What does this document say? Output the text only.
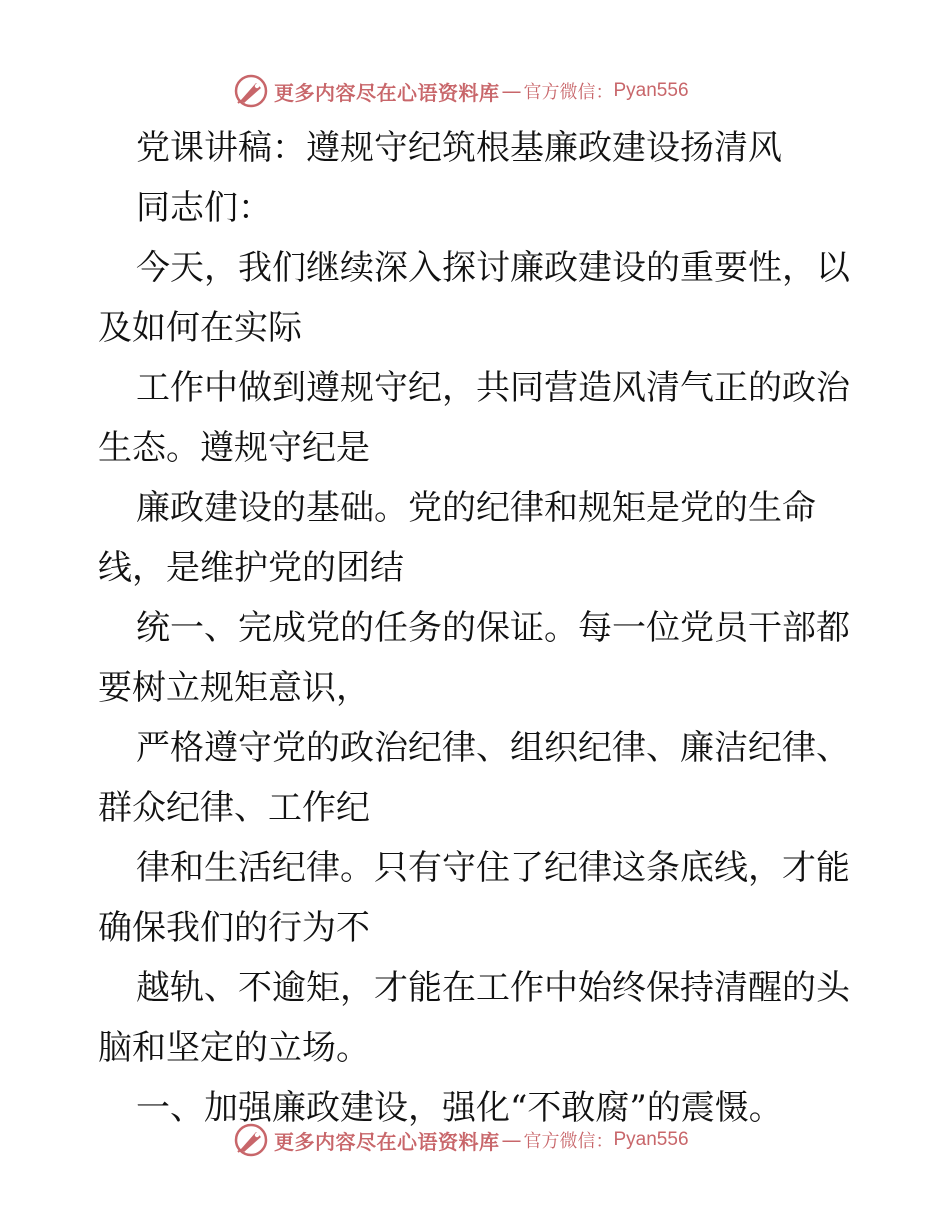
更多内容尽在心语资料库 — 官方微信： Pyan556
党课讲稿：遵规守纪筑根基廉政建设扬清风
同志们：
今天，我们继续深入探讨廉政建设的重要性，以
及如何在实际
工作中做到遵规守纪，共同营造风清气正的政治
生态。遵规守纪是
廉政建设的基础。党的纪律和规矩是党的生命
线，是维护党的团结
统一、完成党的任务的保证。每一位党员干部都
要树立规矩意识，
严格遵守党的政治纪律、组织纪律、廉洁纪律、
群众纪律、工作纪
律和生活纪律。只有守住了纪律这条底线，才能
确保我们的行为不
越轨、不逾矩，才能在工作中始终保持清醒的头
脑和坚定的立场。
一、加强廉政建设，强化“不敢腐”的震慑。
更多内容尽在心语资料库 — 官方微信： Pyan556
